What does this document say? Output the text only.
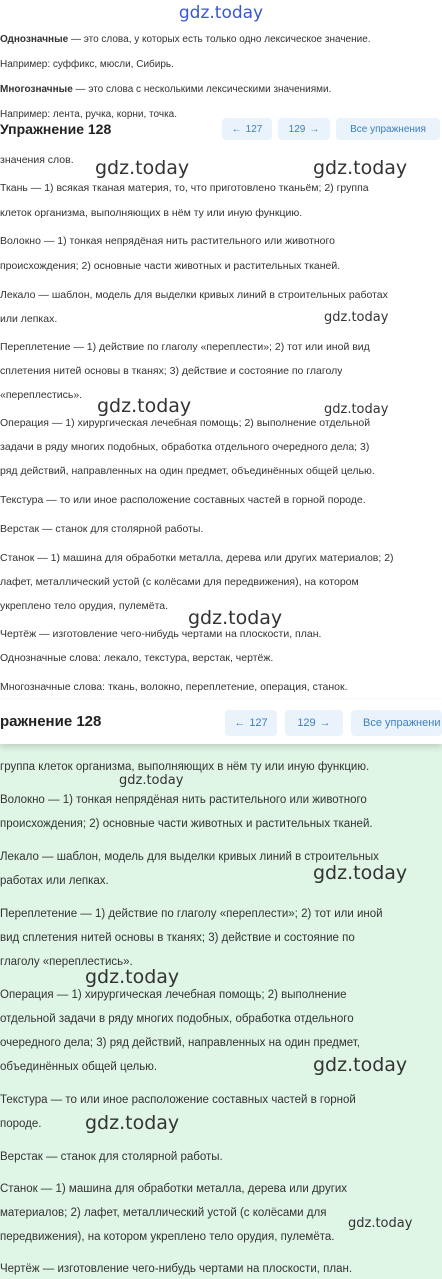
gdz.today

Однозначные — это слова, у которых есть только одно лексическое значение.

Например: суффикс, мюсли, Сибирь.

Многозначные — это слова с несколькими лексическими значениями.

Например: лента, ручка, корни, точка.

Упражнение 128	← 127	129 →	Все упражнения

значения слов.

Ткань — 1) всякая тканая материя, то, что приготовлено тканьём; 2) группа

клеток организма, выполняющих в нём ту или иную функцию.

Волокно — 1) тонкая непрядёная нить растительного или животного

происхождения; 2) основные части животных и растительных тканей.

Лекало — шаблон, модель для выделки кривых линий в строительных работах

или лепках.

Переплетение — 1) действие по глаголу «переплести»; 2) тот или иной вид

сплетения нитей основы в тканях; 3) действие и состояние по глаголу

«переплестись».

Операция — 1) хирургическая лечебная помощь; 2) выполнение отдельной

задачи в ряду многих подобных, обработка отдельного очередного дела; 3)

ряд действий, направленных на один предмет, объединённых общей целью.

Текстура — то или иное расположение составных частей в горной породе.

Верстак — станок для столярной работы.

Станок — 1) машина для обработки металла, дерева или других материалов; 2)

лафет, металлический устой (с колёсами для передвижения), на котором

укреплено тело орудия, пулемёта.

Чертёж — изготовление чего-нибудь чертами на плоскости, план.

Однозначные слова: лекало, текстура, верстак, чертёж.

Многозначные слова: ткань, волокно, переплетение, операция, станок.

gdz.today	gdz.today
gdz.today
gdz.today	gdz.today
gdz.today
ражнение 128	← 127	129 →	Все упражнени

группа клеток организма, выполняющих в нём ту или иную функцию.

Волокно — 1) тонкая непрядёная нить растительного или животного

происхождения; 2) основные части животных и растительных тканей.

Лекало — шаблон, модель для выделки кривых линий в строительных

работах или лепках.

Переплетение — 1) действие по глаголу «переплести»; 2) тот или иной

вид сплетения нитей основы в тканях; 3) действие и состояние по

глаголу «переплестись».

Операция — 1) хирургическая лечебная помощь; 2) выполнение

отдельной задачи в ряду многих подобных, обработка отдельного

очередного дела; 3) ряд действий, направленных на один предмет,

объединённых общей целью.

Текстура — то или иное расположение составных частей в горной

породе.

Верстак — станок для столярной работы.

Станок — 1) машина для обработки металла, дерева или других

материалов; 2) лафет, металлический устой (с колёсами для

передвижения), на котором укреплено тело орудия, пулемёта.

Чертёж — изготовление чего-нибудь чертами на плоскости, план.

gdz.today
gdz.today
gdz.today
gdz.today
gdz.today
gdz.today
